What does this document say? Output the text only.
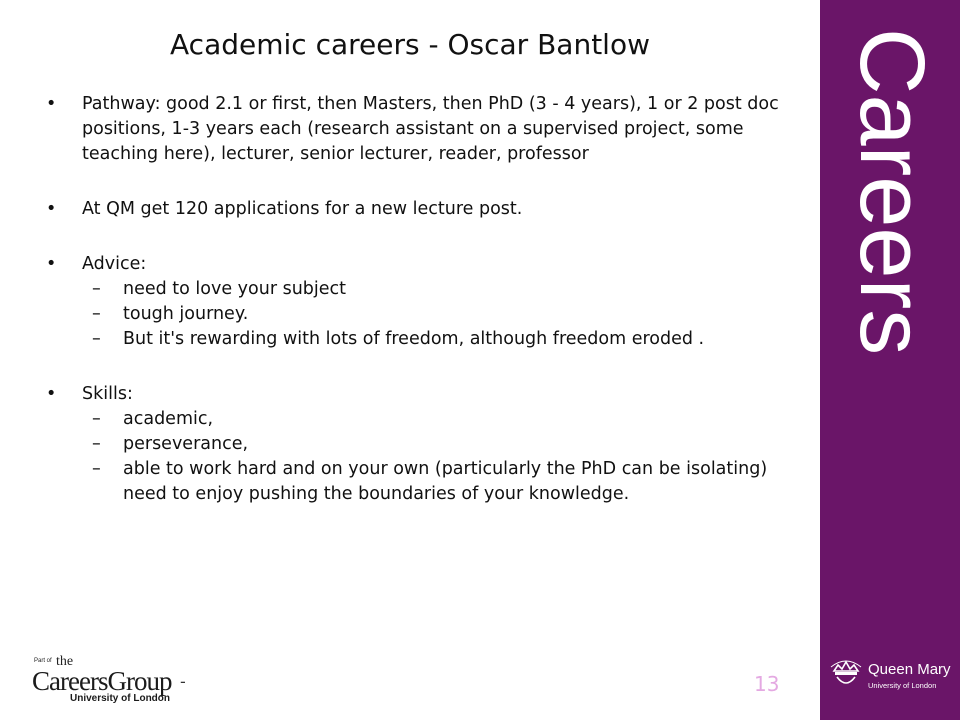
Academic careers - Oscar Bantlow
• Pathway: good 2.1 or first, then Masters, then PhD (3 - 4 years), 1 or 2 post doc positions, 1-3 years each (research assistant on a supervised project, some teaching here), lecturer, senior lecturer, reader, professor
• At QM get 120 applications for a new lecture post.
• Advice:
– need to love your subject
– tough journey.
– But it's rewarding with lots of freedom, although freedom eroded .
• Skills:
– academic,
– perseverance,
– able to work hard and on your own (particularly the PhD can be isolating) need to enjoy pushing the boundaries of your knowledge.
Part of the
CareersGroup
University of London
-	13
Careers
Queen Mary
University of London
